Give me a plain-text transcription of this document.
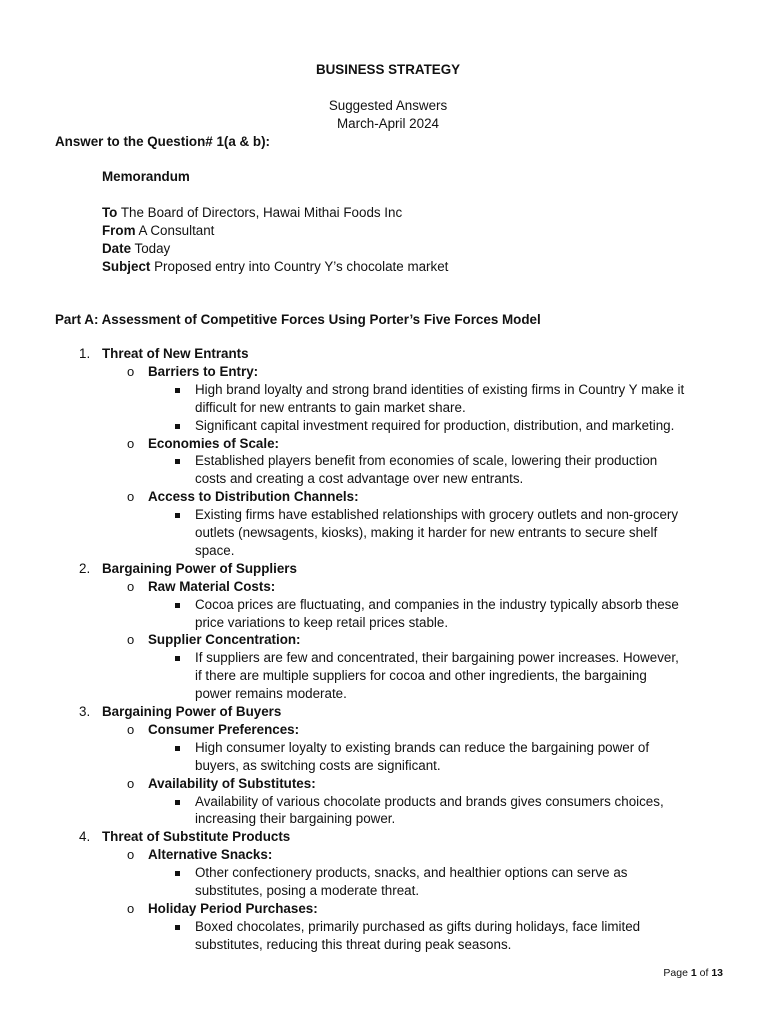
BUSINESS STRATEGY
Suggested Answers
March-April 2024
Answer to the Question# 1(a & b):
Memorandum
To The Board of Directors, Hawai Mithai Foods Inc
From A Consultant
Date Today
Subject Proposed entry into Country Y’s chocolate market
Part A: Assessment of Competitive Forces Using Porter’s Five Forces Model
1. Threat of New Entrants
o Barriers to Entry:
High brand loyalty and strong brand identities of existing firms in Country Y make it
difficult for new entrants to gain market share.
Significant capital investment required for production, distribution, and marketing.
o Economies of Scale:
Established players benefit from economies of scale, lowering their production
costs and creating a cost advantage over new entrants.
o Access to Distribution Channels:
Existing firms have established relationships with grocery outlets and non-grocery
outlets (newsagents, kiosks), making it harder for new entrants to secure shelf
space.
2. Bargaining Power of Suppliers
o Raw Material Costs:
Cocoa prices are fluctuating, and companies in the industry typically absorb these
price variations to keep retail prices stable.
o Supplier Concentration:
If suppliers are few and concentrated, their bargaining power increases. However,
if there are multiple suppliers for cocoa and other ingredients, the bargaining
power remains moderate.
3. Bargaining Power of Buyers
o Consumer Preferences:
High consumer loyalty to existing brands can reduce the bargaining power of
buyers, as switching costs are significant.
o Availability of Substitutes:
Availability of various chocolate products and brands gives consumers choices,
increasing their bargaining power.
4. Threat of Substitute Products
o Alternative Snacks:
Other confectionery products, snacks, and healthier options can serve as
substitutes, posing a moderate threat.
o Holiday Period Purchases:
Boxed chocolates, primarily purchased as gifts during holidays, face limited
substitutes, reducing this threat during peak seasons.
Page 1 of 13
